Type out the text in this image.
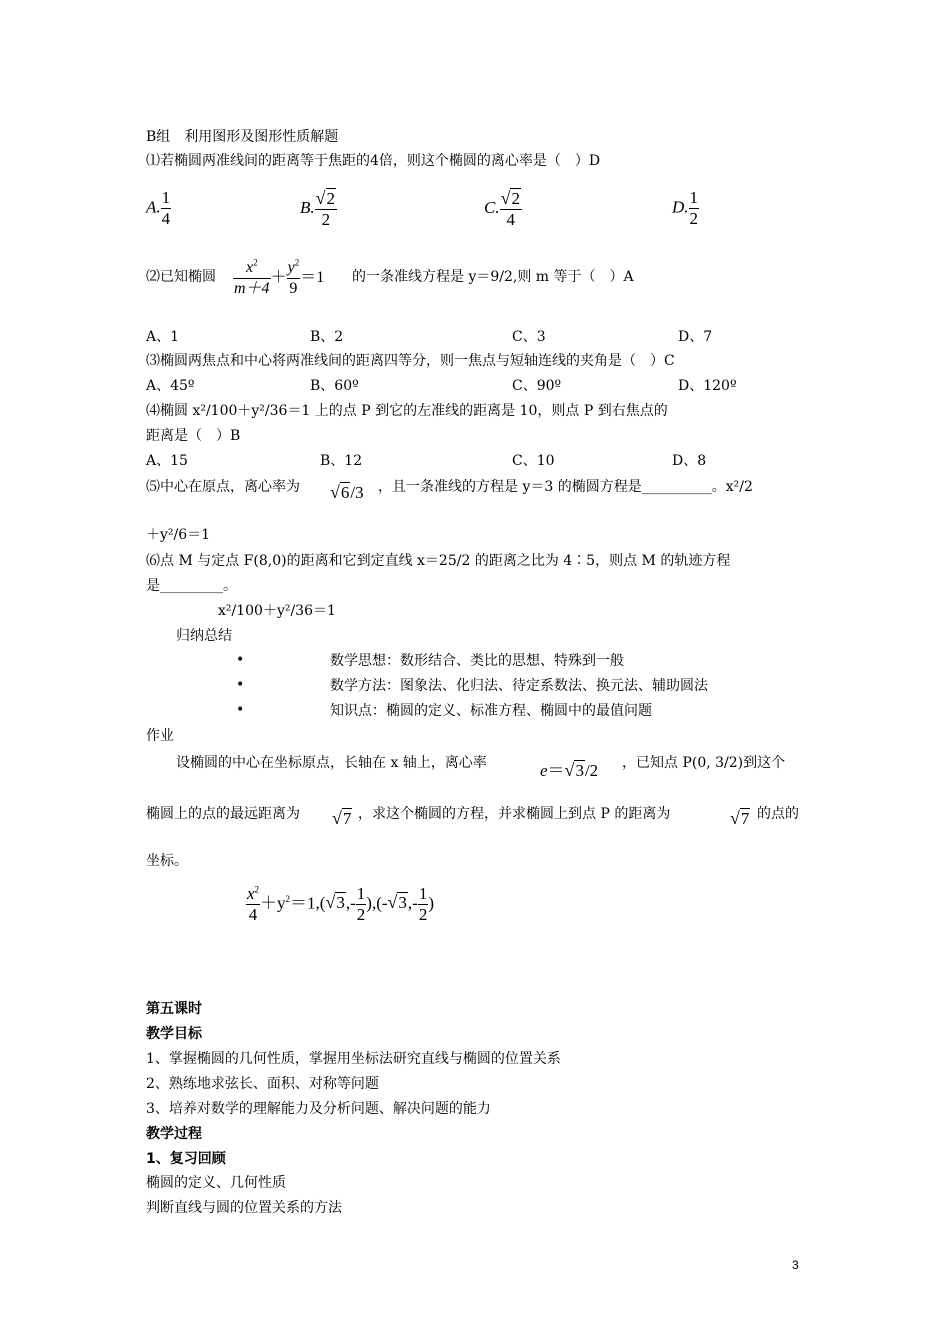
B组　利用图形及图形性质解题
⑴若椭圆两准线间的距离等于焦距的4倍，则这个椭圆的离心率是（　）D
A. $\frac{1}{4}$	B. $\frac{√2}{2}$	C. $\frac{√2}{4}$	D. $\frac{1}{2}$
⑵已知椭圆 $\frac{x^2}{m+4} + \frac{y^2}{9} =1$ 的一条准线方程是 y＝9/2,则 m 等于（　）A
A、1	B、2	C、3	D、7
⑶椭圆两焦点和中心将两准线间的距离四等分，则一焦点与短轴连线的夹角是（　）C
A、45º	B、60º	C、90º	D、120º
⑷椭圆 x²/100＋y²/36＝1 上的点 P 到它的左准线的距离是 10，则点 P 到右焦点的
距离是（　）B
A、15	B、12	C、10	D、8
⑸中心在原点，离心率为 √6/3 ，且一条准线的方程是 y＝3 的椭圆方程是__________。x²/2
＋y²/6＝1
⑹点 M 与定点 F(8,0)的距离和它到定直线 x＝25/2 的距离之比为 4∶5，则点 M 的轨迹方程
是_________。
x²/100＋y²/36＝1
归纳总结
•	数学思想：数形结合、类比的思想、特殊到一般
•	数学方法：图象法、化归法、待定系数法、换元法、辅助圆法
•	知识点：椭圆的定义、标准方程、椭圆中的最值问题
作业
设椭圆的中心在坐标原点，长轴在 x 轴上，离心率	e＝√3/2 ，已知点 P(0, 3/2)到这个
椭圆上的点的最远距离为 √7 ，求这个椭圆的方程，并求椭圆上到点 P 的距离为	√7 的点的
坐标。
$\frac{x^2}{4} +y^2=1,(√3,- \frac{1}{2} ),(-√3,- \frac{1}{2}$ )
第五课时
教学目标
1、掌握椭圆的几何性质，掌握用坐标法研究直线与椭圆的位置关系
2、熟练地求弦长、面积、对称等问题
3、培养对数学的理解能力及分析问题、解决问题的能力
教学过程
1、复习回顾
椭圆的定义、几何性质
判断直线与圆的位置关系的方法
3
